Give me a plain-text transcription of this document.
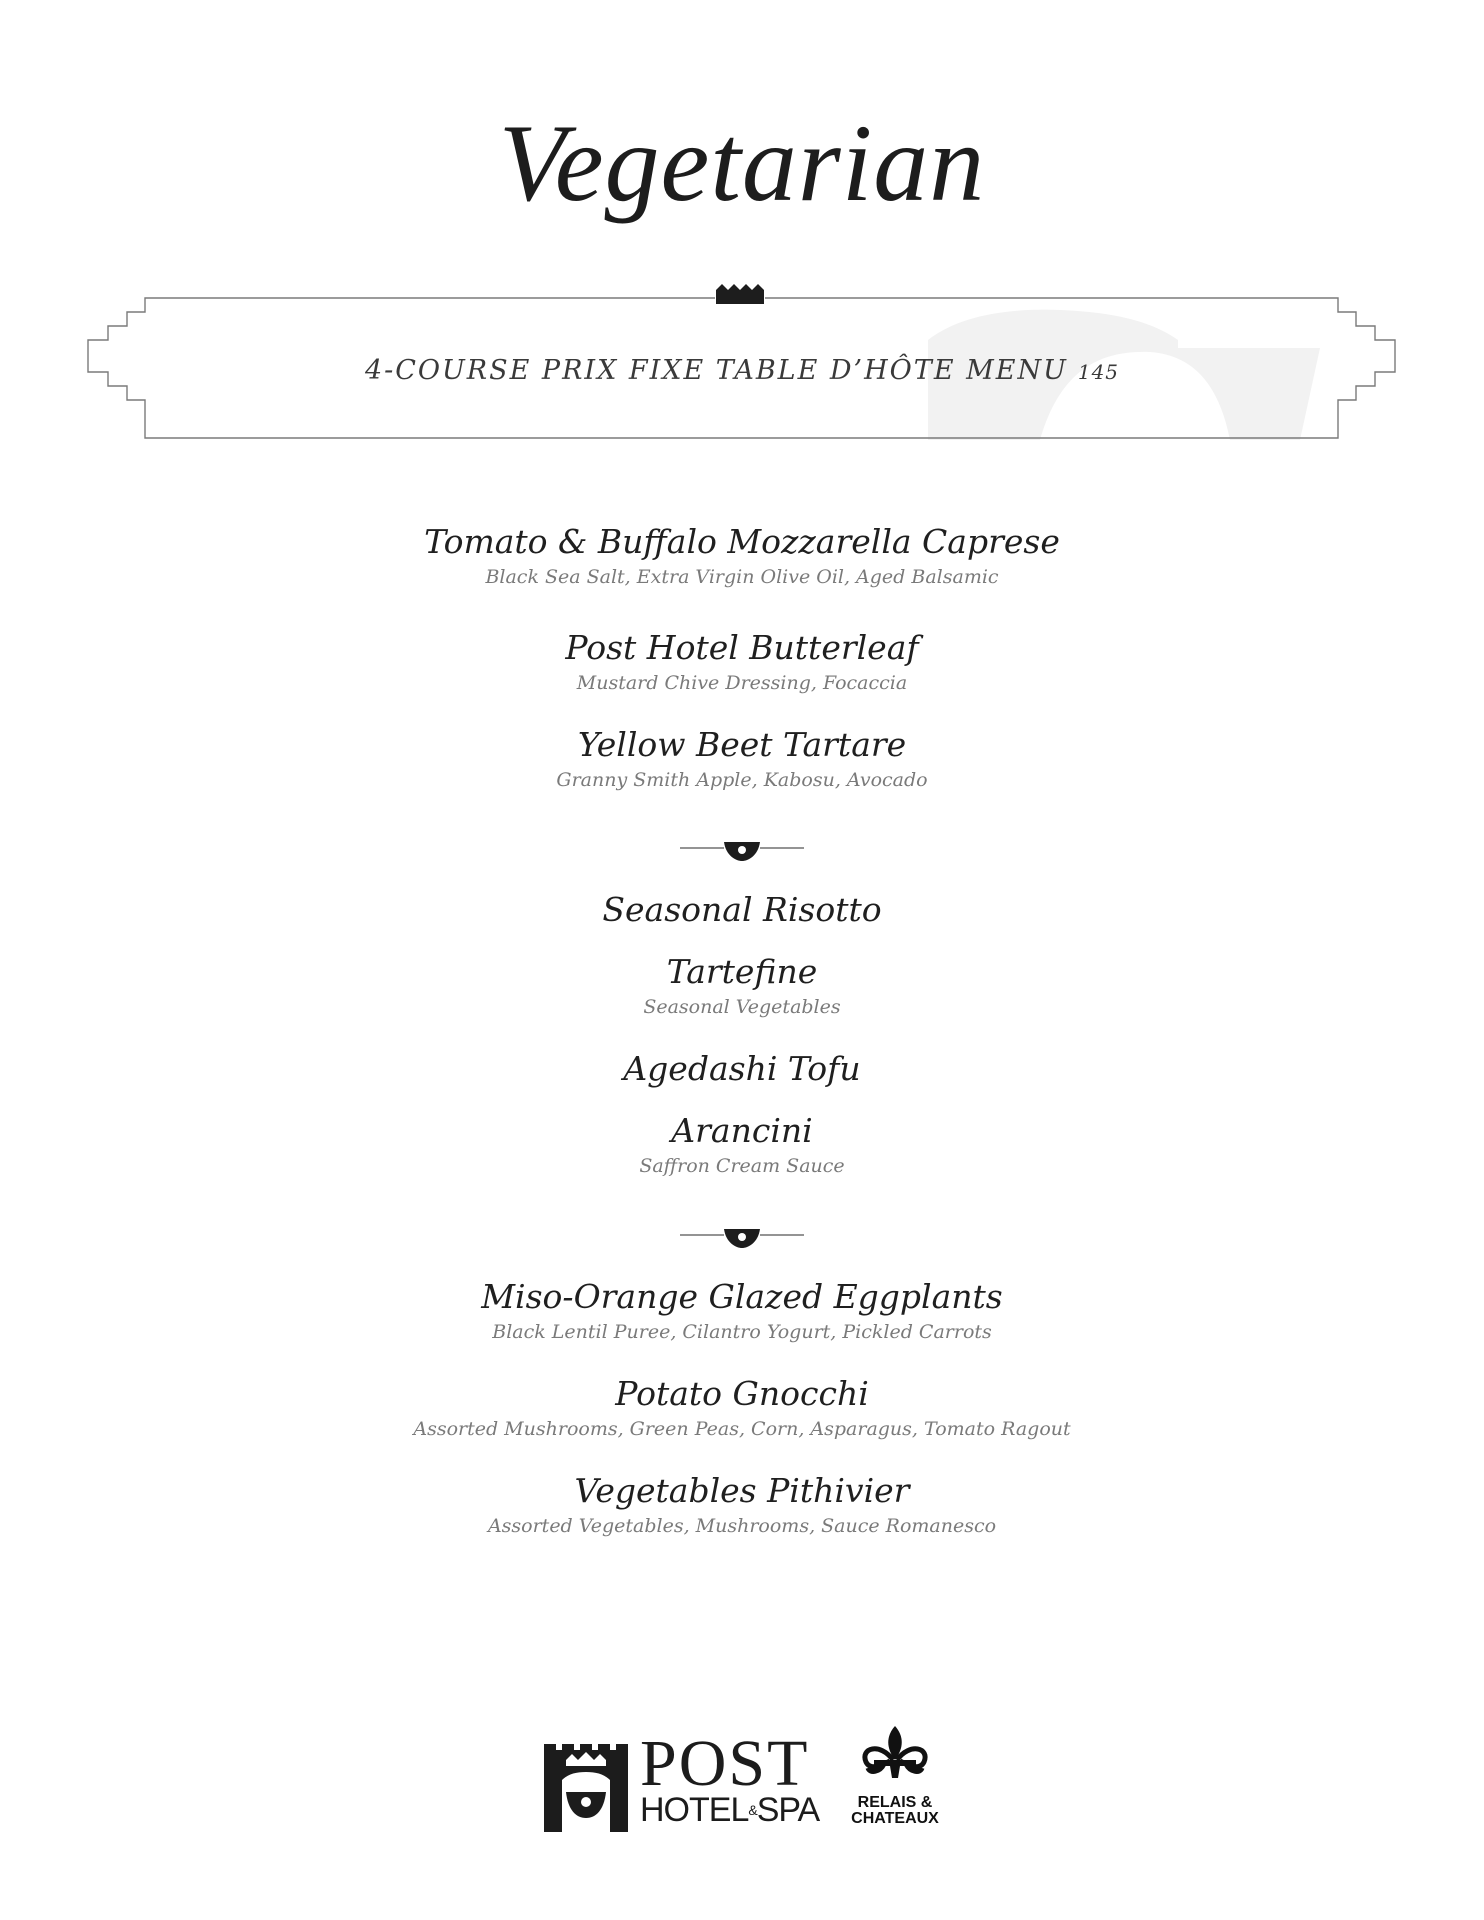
Vegetarian
4-COURSE PRIX FIXE TABLE D’HÔTE MENU 145
Tomato & Buffalo Mozzarella Caprese
Black Sea Salt, Extra Virgin Olive Oil, Aged Balsamic
Post Hotel Butterleaf
Mustard Chive Dressing, Focaccia
Yellow Beet Tartare
Granny Smith Apple, Kabosu, Avocado
Seasonal Risotto
Tartefine
Seasonal Vegetables
Agedashi Tofu
Arancini
Saffron Cream Sauce
Miso-Orange Glazed Eggplants
Black Lentil Puree, Cilantro Yogurt, Pickled Carrots
Potato Gnocchi
Assorted Mushrooms, Green Peas, Corn, Asparagus, Tomato Ragout
Vegetables Pithivier
Assorted Vegetables, Mushrooms, Sauce Romanesco
POST
HOTEL&SPA	RELAIS &
CHATEAUX
